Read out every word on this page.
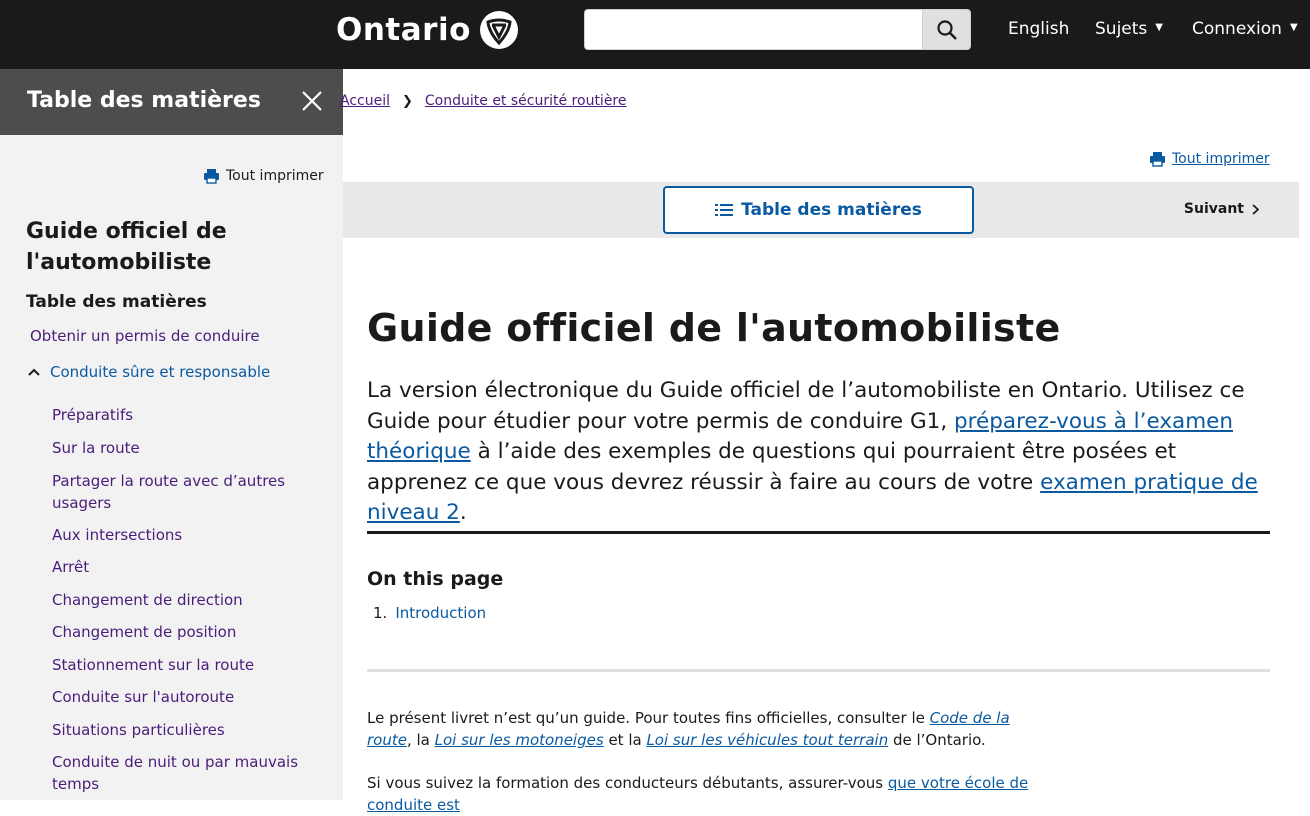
Ontario	English Sujets ▼ Connexion ▼
Table des matières
Tout imprimer
Guide officiel de l'automobiliste
Table des matières
Obtenir un permis de conduire
Conduite sûre et responsable
Préparatifs
Sur la route
Partager la route avec d’autres usagers
Aux intersections
Arrêt
Changement de direction
Changement de position
Stationnement sur la route
Conduite sur l'autoroute
Situations particulières
Conduite de nuit ou par mauvais temps
Accueil ❯ Conduite et sécurité routière
Tout imprimer
Table des matières	Suivant
Guide officiel de l'automobiliste

La version électronique du Guide officiel de l’automobiliste en Ontario. Utilisez ce Guide pour étudier pour votre permis de conduire G1, préparez-vous à l’examen théorique à l’aide des exemples de questions qui pourraient être posées et apprenez ce que vous devrez réussir à faire au cours de votre examen pratique de niveau 2.

On this page
1. Introduction

Le présent livret n’est qu’un guide. Pour toutes fins officielles, consulter le Code de la route, la Loi sur les motoneiges et la Loi sur les véhicules tout terrain de l’Ontario.

Si vous suivez la formation des conducteurs débutants, assurer-vous que votre école de conduite est
